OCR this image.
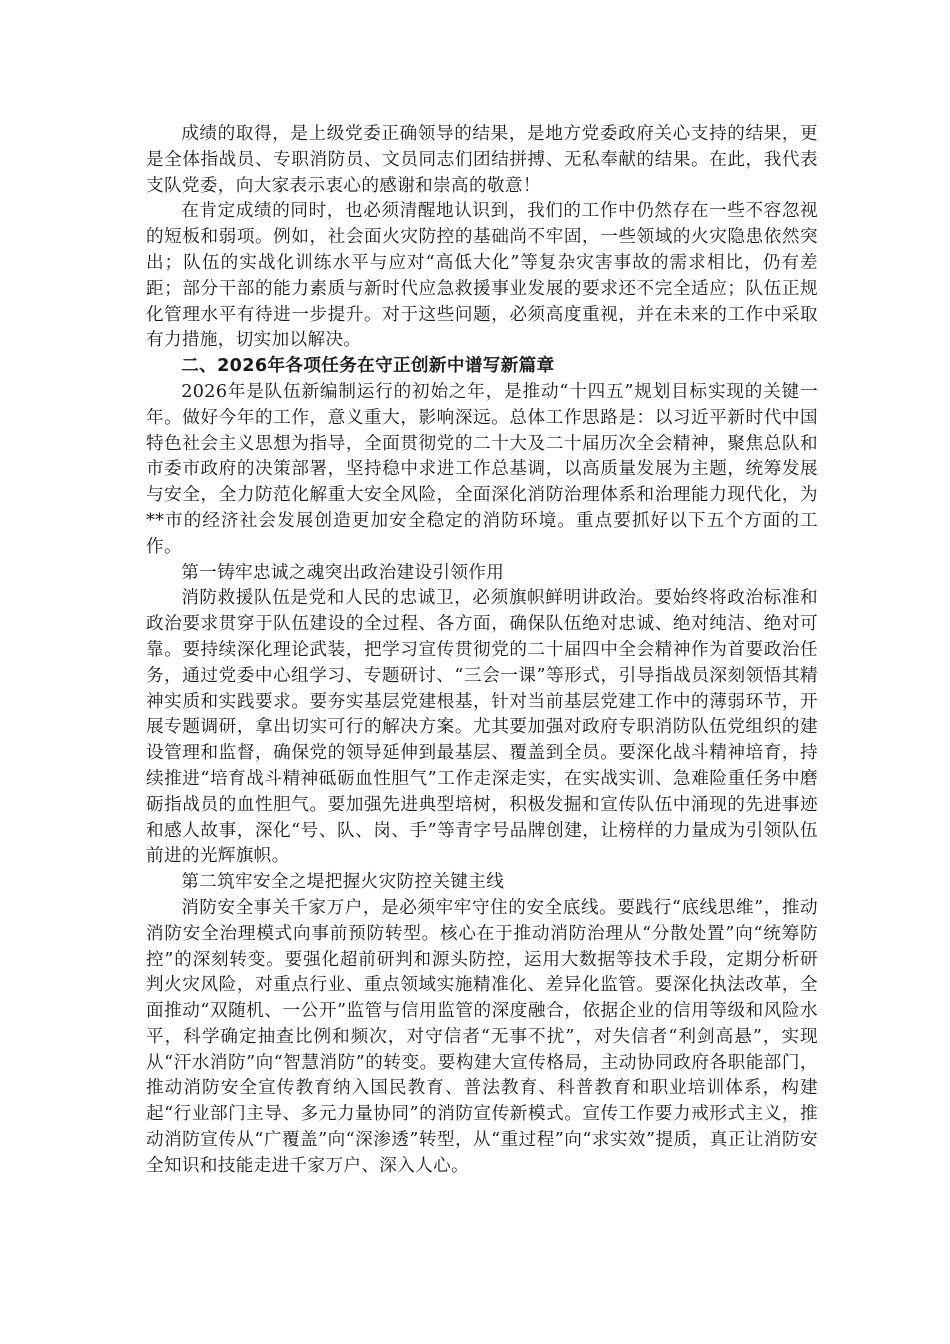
成绩的取得，是上级党委正确领导的结果，是地方党委政府关心支持的结果，更是全体指战员、专职消防员、文员同志们团结拼搏、无私奉献的结果。在此，我代表支队党委，向大家表示衷心的感谢和崇高的敬意！

在肯定成绩的同时，也必须清醒地认识到，我们的工作中仍然存在一些不容忽视的短板和弱项。例如，社会面火灾防控的基础尚不牢固，一些领域的火灾隐患依然突出；队伍的实战化训练水平与应对“高低大化”等复杂灾害事故的需求相比，仍有差距；部分干部的能力素质与新时代应急救援事业发展的要求还不完全适应；队伍正规化管理水平有待进一步提升。对于这些问题，必须高度重视，并在未来的工作中采取有力措施，切实加以解决。

二、2026年各项任务在守正创新中谱写新篇章

2026年是队伍新编制运行的初始之年，是推动“十四五”规划目标实现的关键一年。做好今年的工作，意义重大，影响深远。总体工作思路是：以习近平新时代中国特色社会主义思想为指导，全面贯彻党的二十大及二十届历次全会精神，聚焦总队和市委市政府的决策部署，坚持稳中求进工作总基调，以高质量发展为主题，统筹发展与安全，全力防范化解重大安全风险，全面深化消防治理体系和治理能力现代化，为**市的经济社会发展创造更加安全稳定的消防环境。重点要抓好以下五个方面的工作。

第一铸牢忠诚之魂突出政治建设引领作用

消防救援队伍是党和人民的忠诚卫，必须旗帜鲜明讲政治。要始终将政治标准和政治要求贯穿于队伍建设的全过程、各方面，确保队伍绝对忠诚、绝对纯洁、绝对可靠。要持续深化理论武装，把学习宣传贯彻党的二十届四中全会精神作为首要政治任务，通过党委中心组学习、专题研讨、“三会一课”等形式，引导指战员深刻领悟其精神实质和实践要求。要夯实基层党建根基，针对当前基层党建工作中的薄弱环节，开展专题调研，拿出切实可行的解决方案。尤其要加强对政府专职消防队伍党组织的建设管理和监督，确保党的领导延伸到最基层、覆盖到全员。要深化战斗精神培育，持续推进“培育战斗精神砥砺血性胆气”工作走深走实，在实战实训、急难险重任务中磨砺指战员的血性胆气。要加强先进典型培树，积极发掘和宣传队伍中涌现的先进事迹和感人故事，深化“号、队、岗、手”等青字号品牌创建，让榜样的力量成为引领队伍前进的光辉旗帜。

第二筑牢安全之堤把握火灾防控关键主线

消防安全事关千家万户，是必须牢牢守住的安全底线。要践行“底线思维”，推动消防安全治理模式向事前预防转型。核心在于推动消防治理从“分散处置”向“统筹防控”的深刻转变。要强化超前研判和源头防控，运用大数据等技术手段，定期分析研判火灾风险，对重点行业、重点领域实施精准化、差异化监管。要深化执法改革，全面推动“双随机、一公开”监管与信用监管的深度融合，依据企业的信用等级和风险水平，科学确定抽查比例和频次，对守信者“无事不扰”，对失信者“利剑高悬”，实现从“汗水消防”向“智慧消防”的转变。要构建大宣传格局，主动协同政府各职能部门，推动消防安全宣传教育纳入国民教育、普法教育、科普教育和职业培训体系，构建起“行业部门主导、多元力量协同”的消防宣传新模式。宣传工作要力戒形式主义，推动消防宣传从“广覆盖”向“深渗透”转型，从“重过程”向“求实效”提质，真正让消防安全知识和技能走进千家万户、深入人心。
